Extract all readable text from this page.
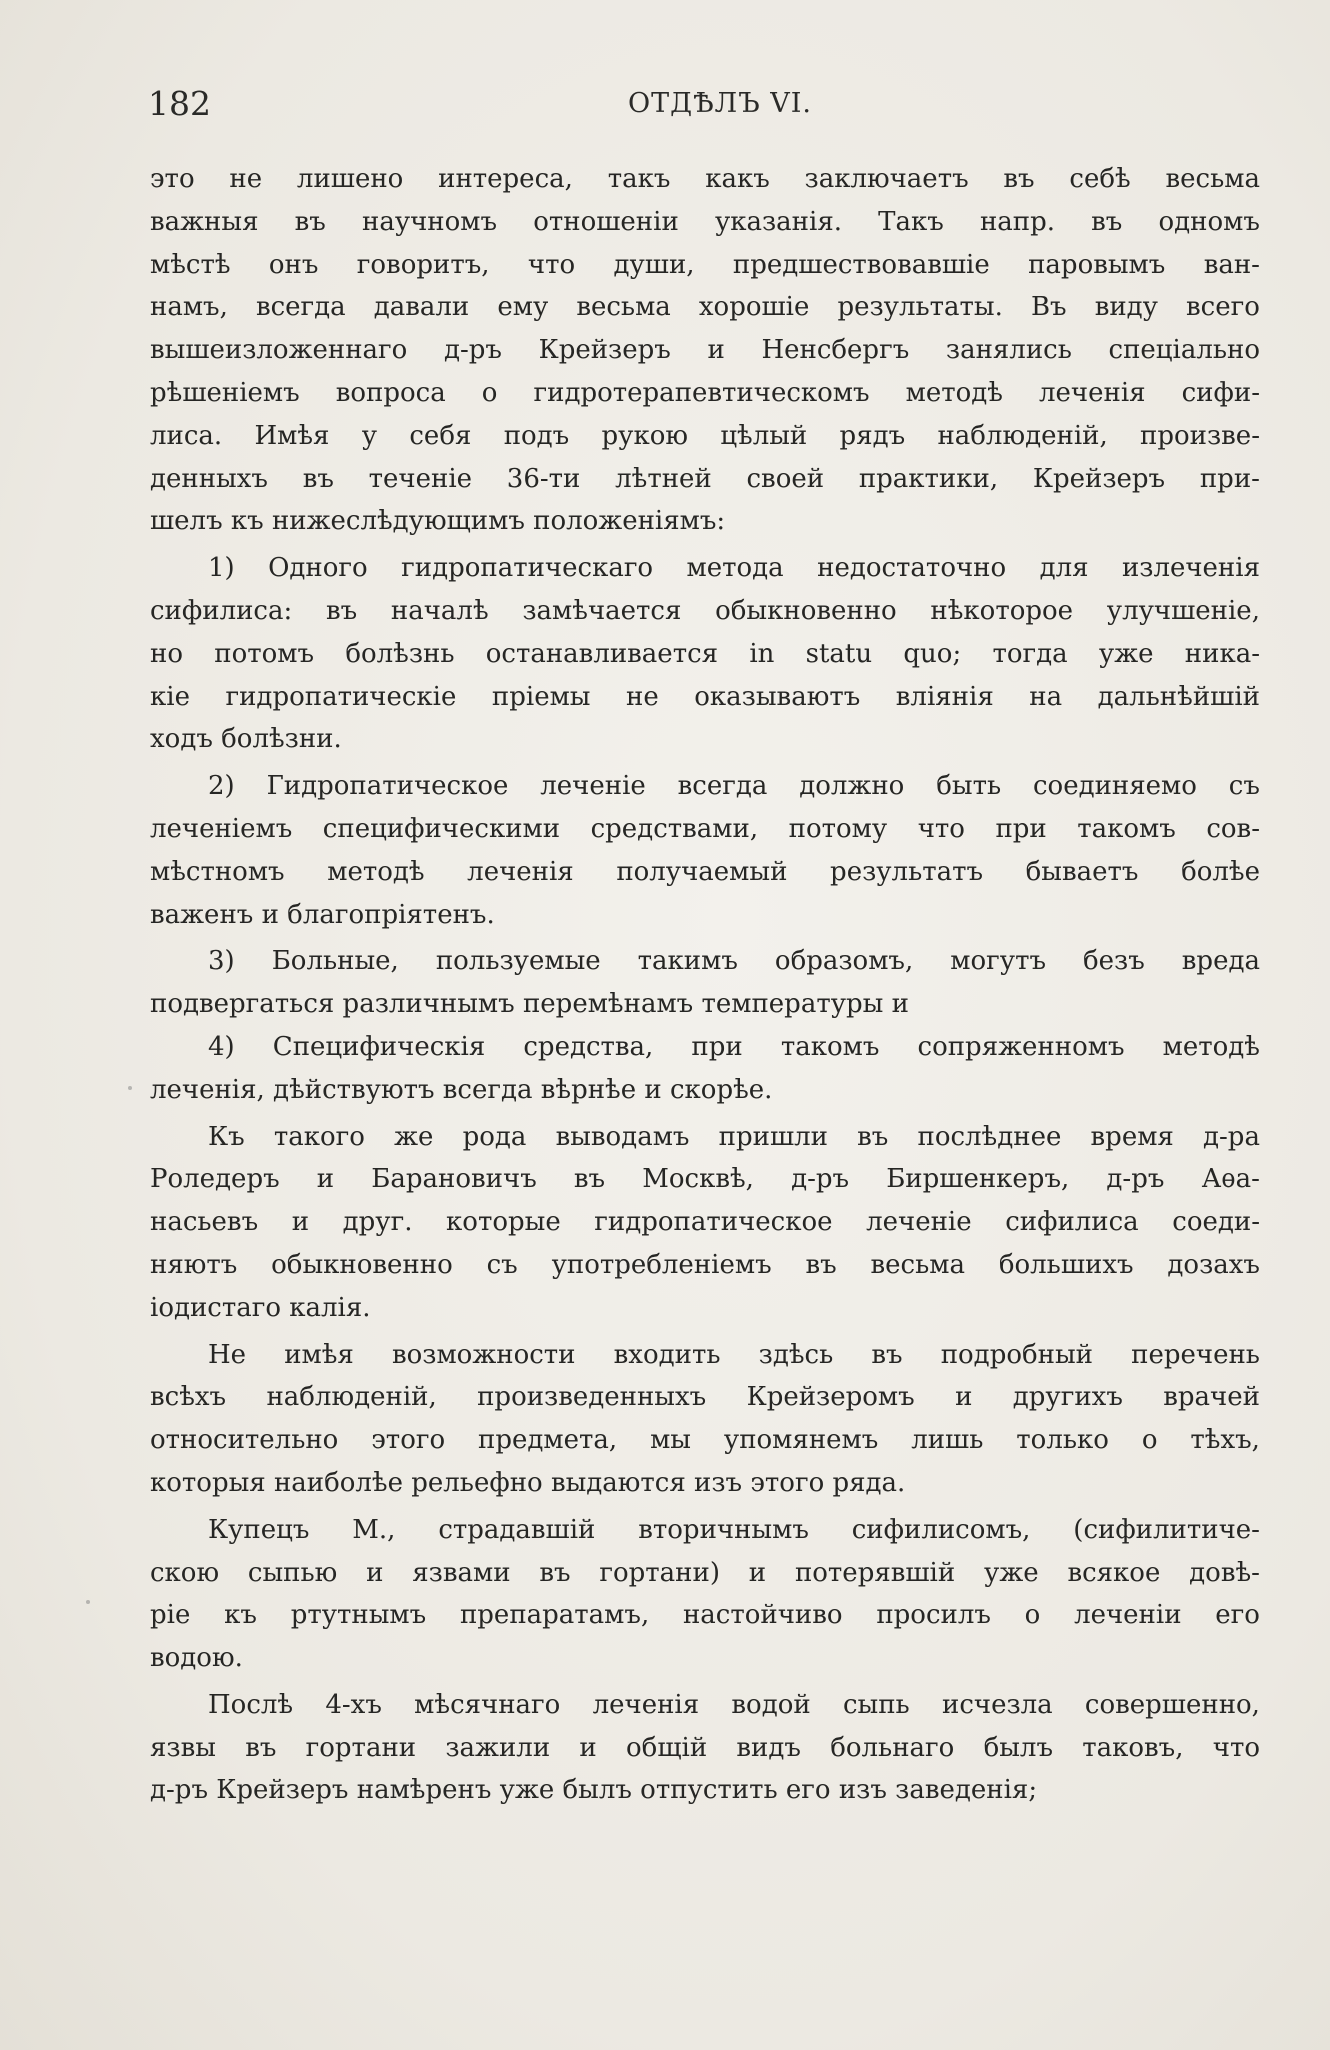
182	ОТДѢЛЪ VI.
это не лишено интереса, такъ какъ заключаетъ въ себѣ весьма
важныя въ научномъ отношеніи указанія. Такъ напр. въ одномъ
мѣстѣ онъ говоритъ, что души, предшествовавшіе паровымъ ван-
намъ, всегда давали ему весьма хорошіе результаты. Въ виду всего
вышеизложеннаго д-ръ Крейзеръ и Ненсбергъ занялись спеціально
рѣшеніемъ вопроса о гидротерапевтическомъ методѣ леченія сифи-
лиса. Имѣя у себя подъ рукою цѣлый рядъ наблюденій, произве-
денныхъ въ теченіе 36-ти лѣтней своей практики, Крейзеръ при-
шелъ къ нижеслѣдующимъ положеніямъ:
1) Одного гидропатическаго метода недостаточно для излеченія
сифилиса: въ началѣ замѣчается обыкновенно нѣкоторое улучшеніе,
но потомъ болѣзнь останавливается in statu quo; тогда уже никa-
кіе гидропатическіе пріемы не оказываютъ вліянія на дальнѣйшій
ходъ болѣзни.
2) Гидропатическое леченіе всегда должно быть соединяемо съ
леченіемъ специфическими средствами, потому что при такомъ сов-
мѣстномъ методѣ леченія получаемый результатъ бываетъ болѣе
важенъ и благопріятенъ.
3) Больные, пользуемые такимъ образомъ, могутъ безъ вреда
подвергаться различнымъ перемѣнамъ температуры и
4) Специфическія средства, при такомъ сопряженномъ методѣ
леченія, дѣйствуютъ всегда вѣрнѣе и скорѣе.
Къ такого же рода выводамъ пришли въ послѣднее время д-ра
Роледеръ и Барановичъ въ Москвѣ, д-ръ Биршенкеръ, д-ръ Аѳа-
насьевъ и друг. которые гидропатическое леченіе сифилиса соеди-
няютъ обыкновенно съ употребленіемъ въ весьма большихъ дозахъ
іодистаго калія.
Не имѣя возможности входить здѣсь въ подробный перечень
всѣхъ наблюденій, произведенныхъ Крейзеромъ и другихъ врачей
относительно этого предмета, мы упомянемъ лишь только о тѣхъ,
которыя наиболѣе рельефно выдаются изъ этого ряда.
Купецъ М., страдавшій вторичнымъ сифилисомъ, (сифилитиче-
скою сыпью и язвами въ гортани) и потерявшій уже всякое довѣ-
ріе къ ртутнымъ препаратамъ, настойчиво просилъ о леченіи его
водою.
Послѣ 4-хъ мѣсячнаго леченія водой сыпь исчезла совершенно,
язвы въ гортани зажили и общій видъ больнаго былъ таковъ, что
д-ръ Крейзеръ намѣренъ уже былъ отпустить его изъ заведенія;
